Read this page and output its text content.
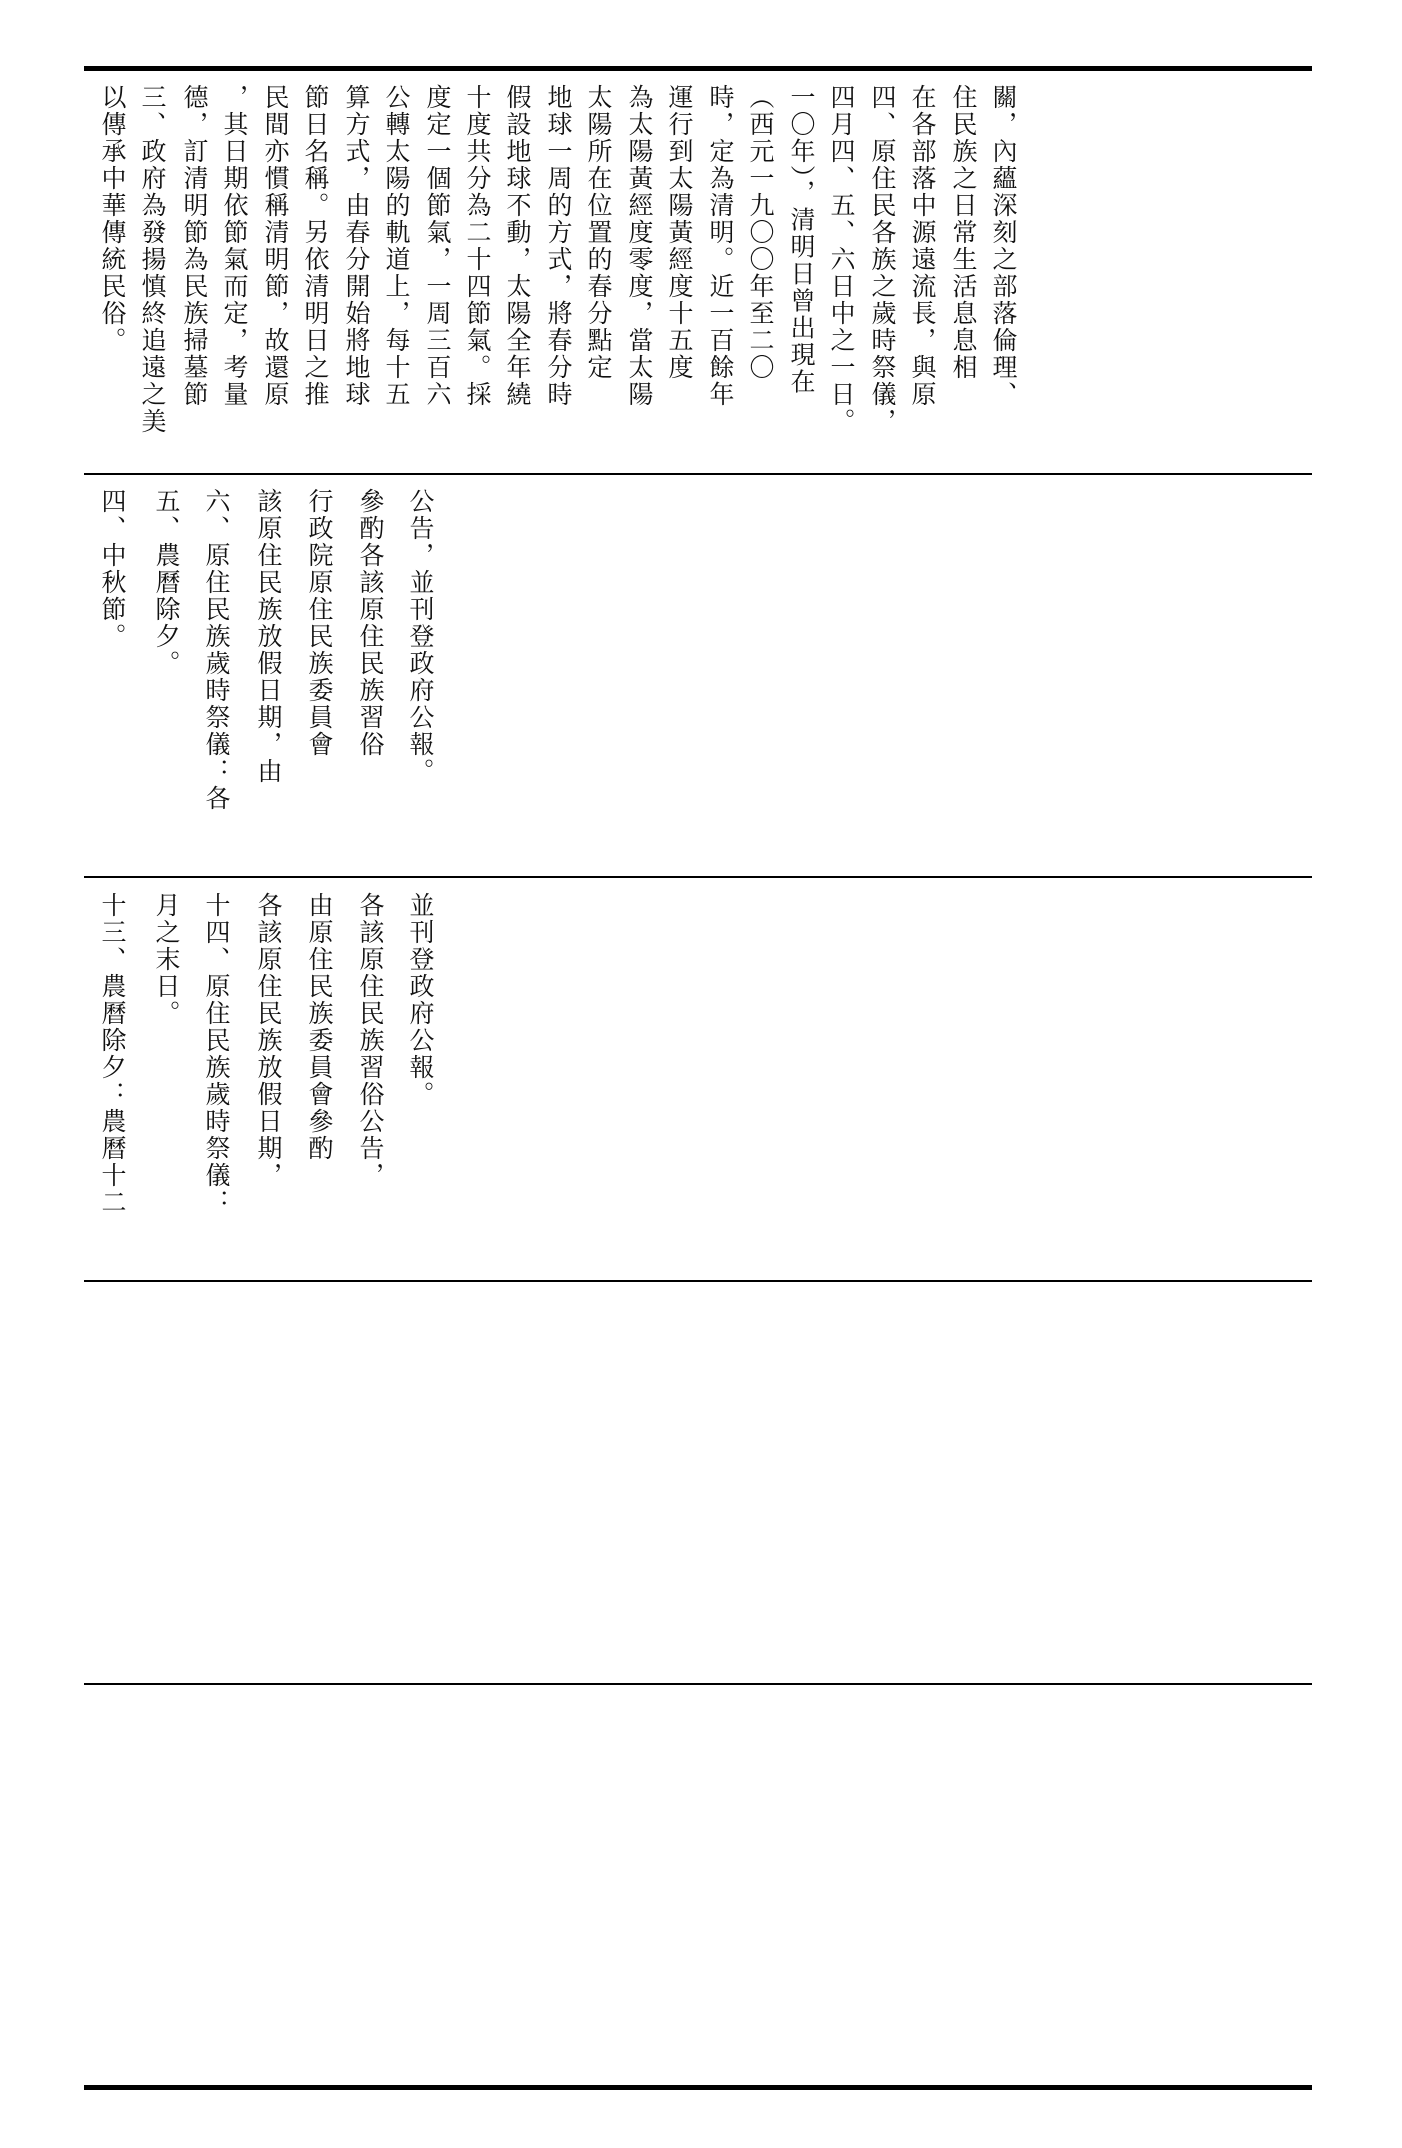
以傳承中華傳統民俗。 三、政府為發揚慎終追遠之美 德，訂清明節為民族掃墓節 ，其日期依節氣而定，考量 民間亦慣稱清明節，故還原 節日名稱。另依清明日之推 算方式，由春分開始將地球 公轉太陽的軌道上，每十五 度定一個節氣，一周三百六 十度共分為二十四節氣。採 假設地球不動，太陽全年繞 地球一周的方式，將春分時 太陽所在位置的春分點定 為太陽黃經度零度，當太陽 運行到太陽黃經度十五度 時，定為清明。近一百餘年 （西元一九〇〇年至二〇 一〇年），清明日曾出現在 四月四、五、六日中之一日。 四、原住民各族之歲時祭儀， 在各部落中源遠流長，與原 住民族之日常生活息息相 關，內蘊深刻之部落倫理、
四、中秋節。 五、農曆除夕。 六、原住民族歲時祭儀：各 該原住民族放假日期，由 行政院原住民族委員會 參酌各該原住民族習俗 公告，並刊登政府公報。
十三、農曆除夕：農曆十二 月之末日。 十四、原住民族歲時祭儀： 各該原住民族放假日期， 由原住民族委員會參酌 各該原住民族習俗公告， 並刊登政府公報。
